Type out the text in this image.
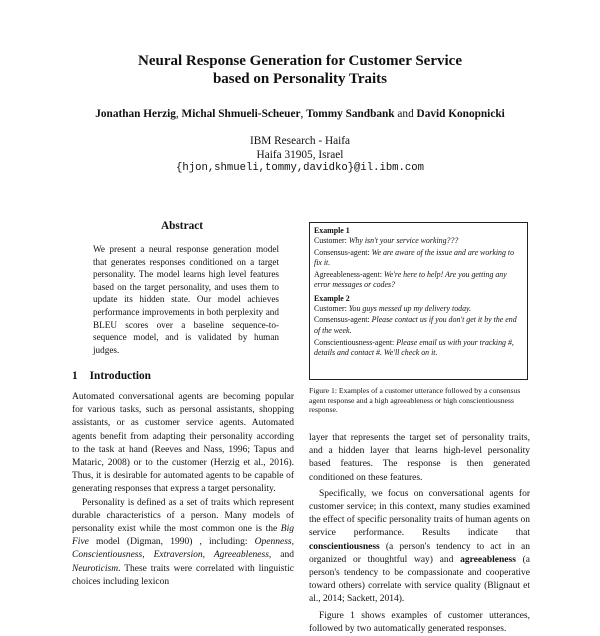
Neural Response Generation for Customer Service
based on Personality Traits
Jonathan Herzig, Michal Shmueli-Scheuer, Tommy Sandbank and David Konopnicki
IBM Research - Haifa
Haifa 31905, Israel
{hjon,shmueli,tommy,davidko}@il.ibm.com
Abstract
We present a neural response generation model that generates responses conditioned on a target personality. The model learns high level features based on the target personality, and uses them to update its hidden state. Our model achieves performance improvements in both perplexity and BLEU scores over a baseline sequence-to-sequence model, and is validated by human judges.
1 Introduction

Automated conversational agents are becoming popular for various tasks, such as personal assistants, shopping assistants, or as customer service agents. Automated agents benefit from adapting their personality according to the task at hand (Reeves and Nass, 1996; Tapus and Mataric, 2008) or to the customer (Herzig et al., 2016). Thus, it is desirable for automated agents to be capable of generating responses that express a target personality.

Personality is defined as a set of traits which represent durable characteristics of a person. Many models of personality exist while the most common one is the Big Five model (Digman, 1990) , including: Openness, Conscientiousness, Extraversion, Agreeableness, and Neuroticism. These traits were correlated with linguistic choices including lexicon

Example 1
Customer: Why isn't your service working???
Consensus-agent: We are aware of the issue and are working to fix it.
Agreeableness-agent: We're here to help! Are you getting any error messages or codes?
Example 2
Customer: You guys messed up my delivery today.
Consensus-agent: Please contact us if you don't get it by the end of the week.
Conscientiousness-agent: Please email us with your tracking #, details and contact #. We'll check on it.
Figure 1: Examples of a customer utterance followed by a consensus agent response and a high agreeableness or high conscientiousness response.

layer that represents the target set of personality traits, and a hidden layer that learns high-level personality based features. The response is then generated conditioned on these features.

Specifically, we focus on conversational agents for customer service; in this context, many studies examined the effect of specific personality traits of human agents on service performance. Results indicate that conscientiousness (a person's tendency to act in an organized or thoughtful way) and agreeableness (a person's tendency to be compassionate and cooperative toward others) correlate with service quality (Blignaut et al., 2014; Sackett, 2014).

Figure 1 shows examples of customer utterances, followed by two automatically generated responses.
